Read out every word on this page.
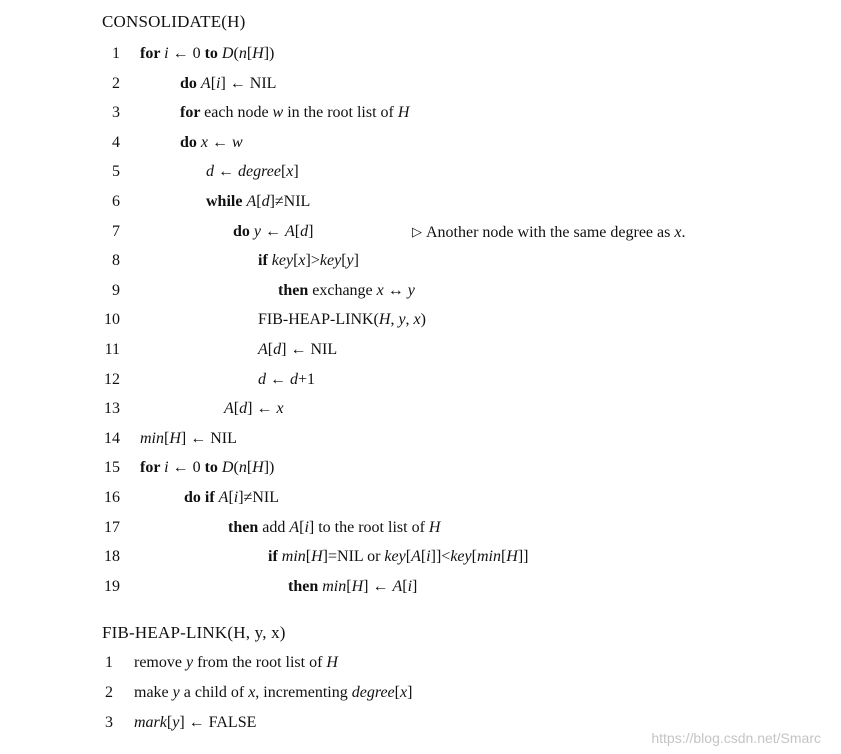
CONSOLIDATE(H)
1 for i ← 0 to D(n[H])
2	do A[i] ← NIL
3	for each node w in the root list of H
4	do x ← w
5	d ← degree[x]
6	while A[d]≠NIL
7	do y ← A[d]	▷ Another node with the same degree as x.
8	if key[x]>key[y]
9	then exchange x ↔ y
10	FIB-HEAP-LINK(H, y, x)
11	A[d] ← NIL
12	d ← d+1
13	A[d] ← x
14 min[H] ← NIL
15 for i ← 0 to D(n[H])
16	do if A[i]≠NIL
17	then add A[i] to the root list of H
18	if min[H]=NIL or key[A[i]]<key[min[H]]
19	then min[H] ← A[i]
FIB-HEAP-LINK(H, y, x)
1 remove y from the root list of H
2 make y a child of x, incrementing degree[x]
3 mark[y] ← FALSE
https://blog.csdn.net/Smarc
